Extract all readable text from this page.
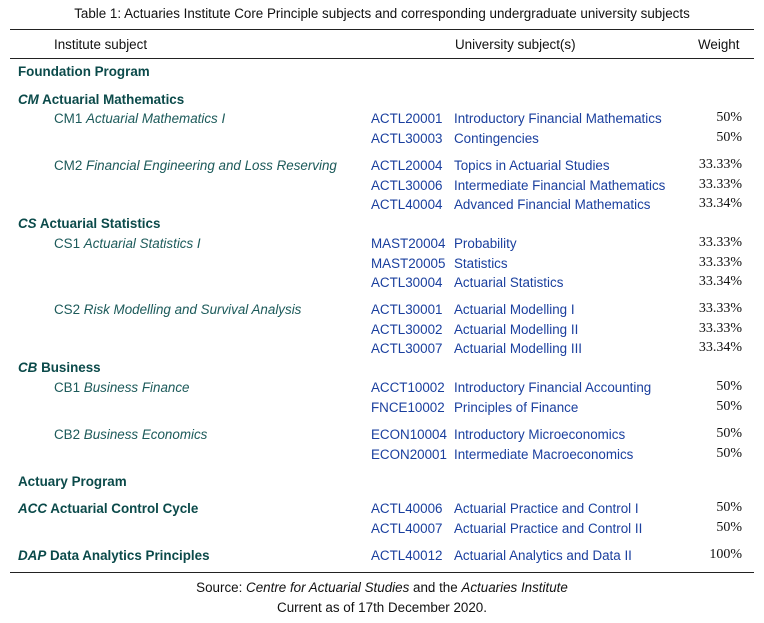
Table 1: Actuaries Institute Core Principle subjects and corresponding undergraduate university subjects
Institute subject	University subject(s)	Weight
Foundation Program
CM Actuarial Mathematics
CM1 Actuarial Mathematics I	ACTL20001 Introductory Financial Mathematics	50%
ACTL30003 Contingencies	50%
CM2 Financial Engineering and Loss Reserving	ACTL20004 Topics in Actuarial Studies	33.33%
ACTL30006 Intermediate Financial Mathematics	33.33%
ACTL40004 Advanced Financial Mathematics	33.34%
CS Actuarial Statistics
CS1 Actuarial Statistics I	MAST20004 Probability	33.33%
MAST20005 Statistics	33.33%
ACTL30004 Actuarial Statistics	33.34%
CS2 Risk Modelling and Survival Analysis	ACTL30001 Actuarial Modelling I	33.33%
ACTL30002 Actuarial Modelling II	33.33%
ACTL30007 Actuarial Modelling III	33.34%
CB Business
CB1 Business Finance	ACCT10002 Introductory Financial Accounting	50%
FNCE10002 Principles of Finance	50%
CB2 Business Economics	ECON10004 Introductory Microeconomics	50%
ECON20001 Intermediate Macroeconomics	50%
Actuary Program
ACC Actuarial Control Cycle	ACTL40006 Actuarial Practice and Control I	50%
ACTL40007 Actuarial Practice and Control II	50%
DAP Data Analytics Principles	ACTL40012 Actuarial Analytics and Data II	100%
Source: Centre for Actuarial Studies and the Actuaries Institute
Current as of 17th December 2020.
